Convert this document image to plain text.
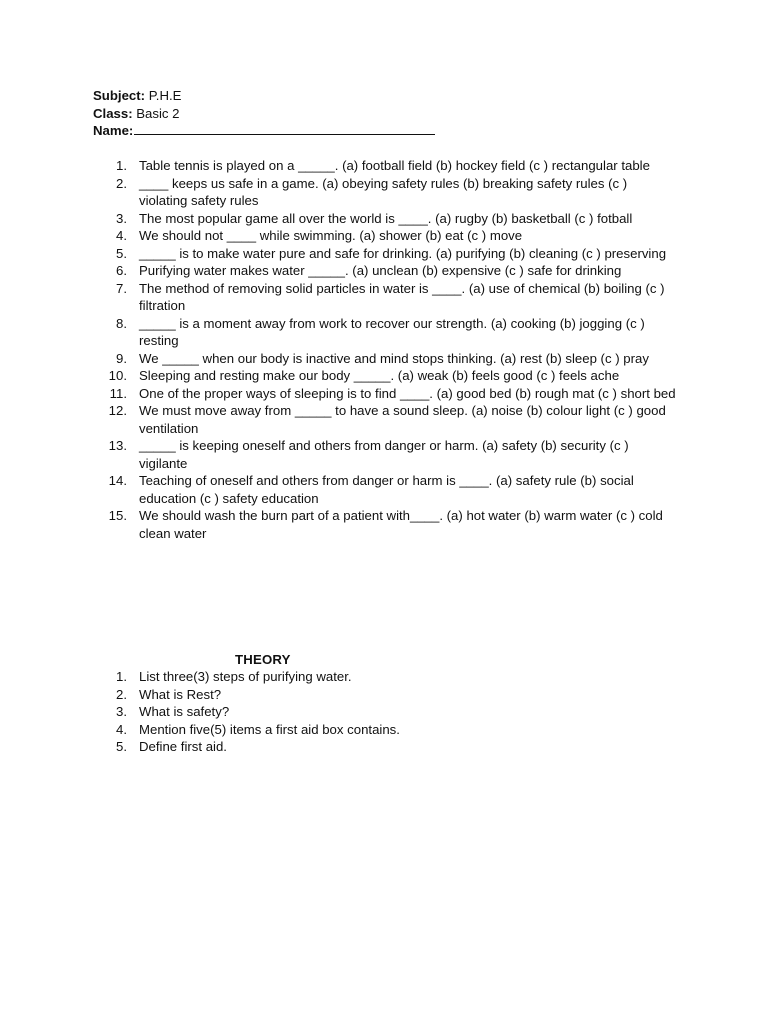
Subject: P.H.E
Class: Basic 2
Name:
1. Table tennis is played on a _____. (a) football field (b) hockey field (c ) rectangular table
2. ____ keeps us safe in a game. (a) obeying safety rules (b) breaking safety rules (c ) violating safety rules
3. The most popular game all over the world is ____. (a) rugby (b) basketball (c ) fotball
4. We should not ____ while swimming. (a) shower (b) eat (c ) move
5. _____ is to make water pure and safe for drinking. (a) purifying (b) cleaning (c ) preserving
6. Purifying water makes water _____. (a) unclean (b) expensive (c ) safe for drinking
7. The method of removing solid particles in water is ____. (a) use of chemical (b) boiling (c ) filtration
8. _____ is a moment away from work to recover our strength. (a) cooking (b) jogging (c ) resting
9. We _____ when our body is inactive and mind stops thinking. (a) rest (b) sleep (c ) pray
10. Sleeping and resting make our body _____. (a) weak (b) feels good (c ) feels ache
11. One of the proper ways of sleeping is to find ____. (a) good bed (b) rough mat (c ) short bed
12. We must move away from _____ to have a sound sleep. (a) noise (b) colour light (c ) good ventilation
13. _____ is keeping oneself and others from danger or harm. (a) safety (b) security (c ) vigilante
14. Teaching of oneself and others from danger or harm is ____. (a) safety rule (b) social education (c ) safety education
15. We should wash the burn part of a patient with____. (a) hot water (b) warm water (c ) cold clean water
THEORY
1. List three(3) steps of purifying water.
2. What is Rest?
3. What is safety?
4. Mention five(5) items a first aid box contains.
5. Define first aid.
